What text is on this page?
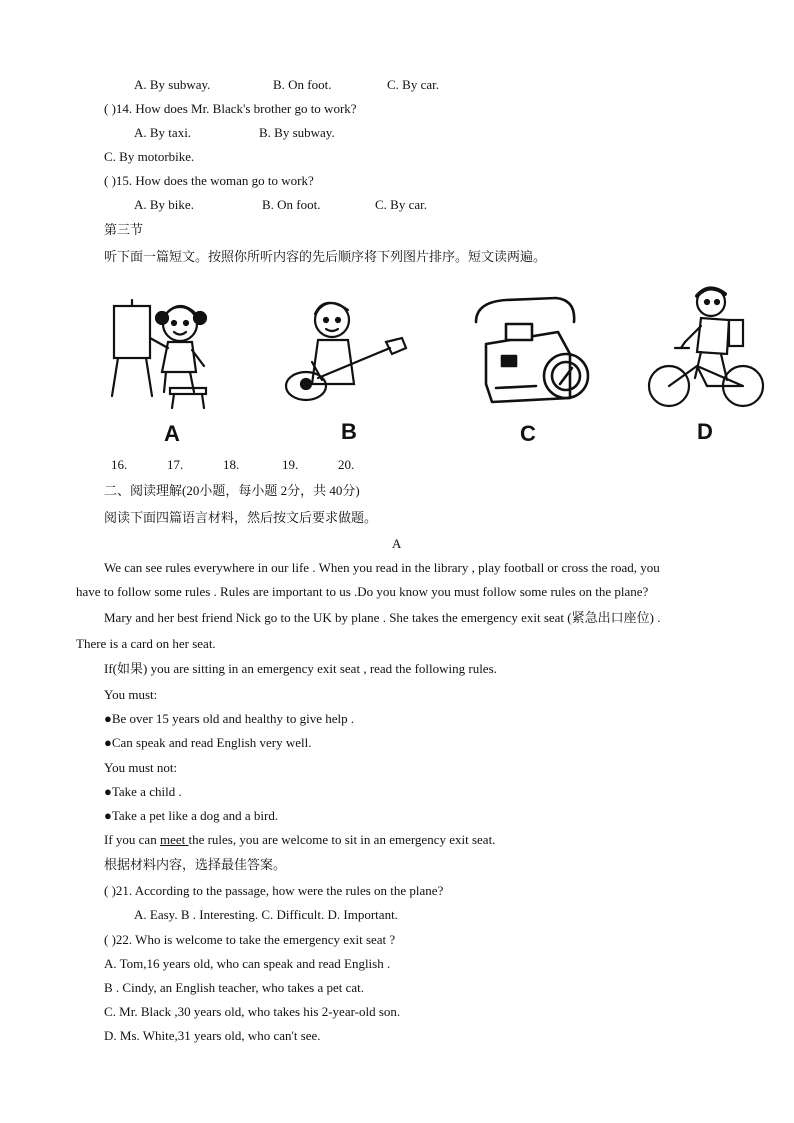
A. By subway.	B. On foot.	C. By car.
( )14. How does Mr. Black's brother go to work?
A. By taxi.	B. By subway.
C. By motorbike.
( )15. How does the woman go to work?
A. By bike.	B. On foot.	C. By car.
第三节
听下面一篇短文。按照你所听内容的先后顺序将下列图片排序。短文读两遍。
A	B	C	D
16.	17.	18.	19.	20.
二、阅读理解(20小题，每小题 2分，共 40分)
阅读下面四篇语言材料，然后按文后要求做题。
A
We can see rules everywhere in our life . When you read in the library , play football or cross the road, you
have to follow some rules . Rules are important to us .Do you know you must follow some rules on the plane?
Mary and her best friend Nick go to the UK by plane . She takes the emergency exit seat (紧急出口座位) .
There is a card on her seat.
If(如果) you are sitting in an emergency exit seat , read the following rules.
You must:
●Be over 15 years old and healthy to give help .
●Can speak and read English very well.
You must not:
●Take a child .
●Take a pet like a dog and a bird.
If you can meet the rules, you are welcome to sit in an emergency exit seat.
根据材料内容，选择最佳答案。
( )21. According to the passage, how were the rules on the plane?
A. Easy. B . Interesting. C. Difficult. D. Important.
( )22. Who is welcome to take the emergency exit seat ?
A. Tom,16 years old, who can speak and read English .
B . Cindy, an English teacher, who takes a pet cat.
C. Mr. Black ,30 years old, who takes his 2-year-old son.
D. Ms. White,31 years old, who can't see.
